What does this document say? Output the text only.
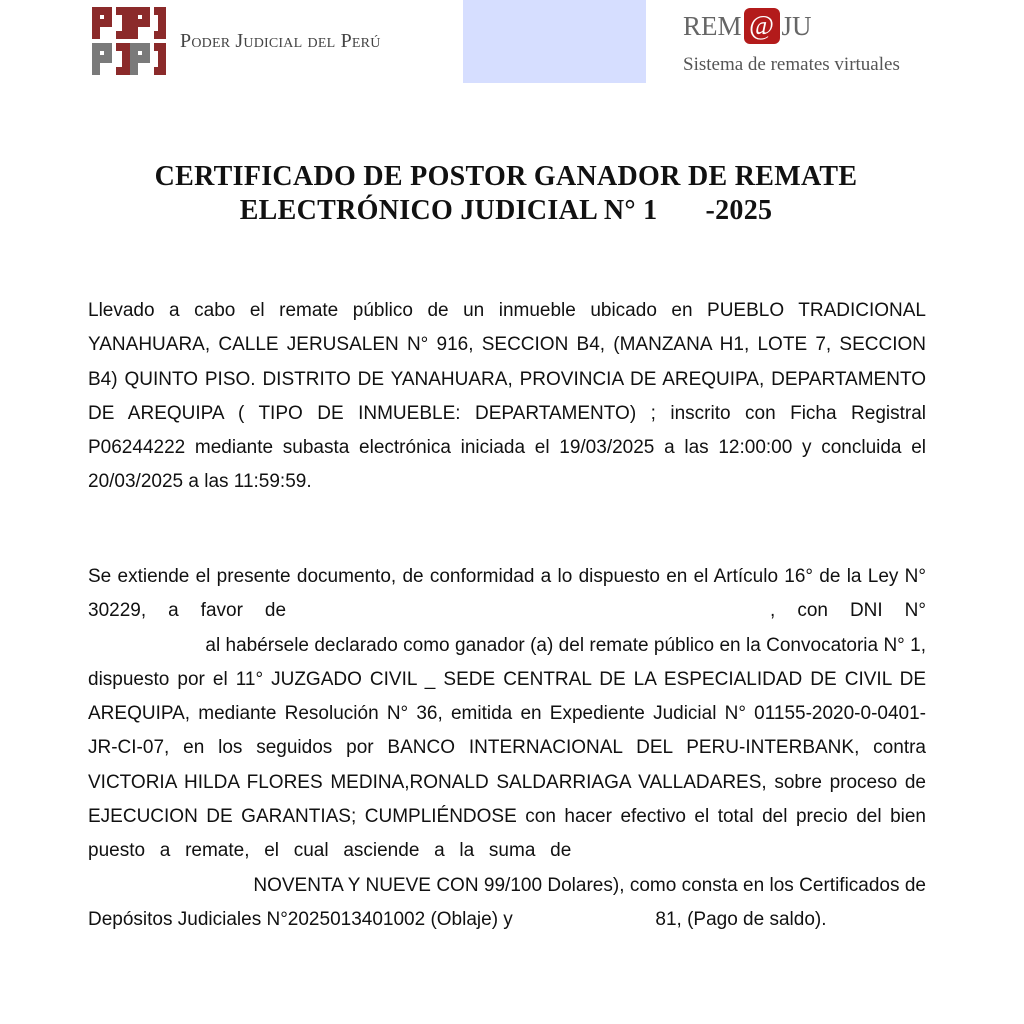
Poder Judicial del Perú
REM @ JU
Sistema de remates virtuales
CERTIFICADO DE POSTOR GANADOR DE REMATE
ELECTRÓNICO JUDICIAL N° 1 -2025
Llevado a cabo el remate público de un inmueble ubicado en PUEBLO TRADICIONAL YANAHUARA, CALLE JERUSALEN N° 916, SECCION B4, (MANZANA H1, LOTE 7, SECCION B4) QUINTO PISO. DISTRITO DE YANAHUARA, PROVINCIA DE AREQUIPA, DEPARTAMENTO DE AREQUIPA ( TIPO DE INMUEBLE: DEPARTAMENTO) ; inscrito con Ficha Registral P06244222 mediante subasta electrónica iniciada el 19/03/2025 a las 12:00:00 y concluida el 20/03/2025 a las 11:59:59.
Se extiende el presente documento, de conformidad a lo dispuesto en el Artículo 16° de la Ley N° 30229, a favor de	, con DNI N°  al habérsele declarado como ganador (a) del remate público en la Convocatoria N° 1, dispuesto por el 11° JUZGADO CIVIL _ SEDE CENTRAL DE LA ESPECIALIDAD DE CIVIL DE AREQUIPA, mediante Resolución N° 36, emitida en Expediente Judicial N° 01155-2020-0-0401-JR-CI-07, en los seguidos por BANCO INTERNACIONAL DEL PERU-INTERBANK, contra VICTORIA HILDA FLORES MEDINA,RONALD SALDARRIAGA VALLADARES, sobre proceso de EJECUCION DE GARANTIAS; CUMPLIÉNDOSE con hacer efectivo el total del precio del bien puesto a remate, el cual asciende a la suma de   NOVENTA Y NUEVE CON 99/100 Dolares), como consta en los Certificados de Depósitos Judiciales N°2025013401002 (Oblaje) y	81, (Pago de saldo).
